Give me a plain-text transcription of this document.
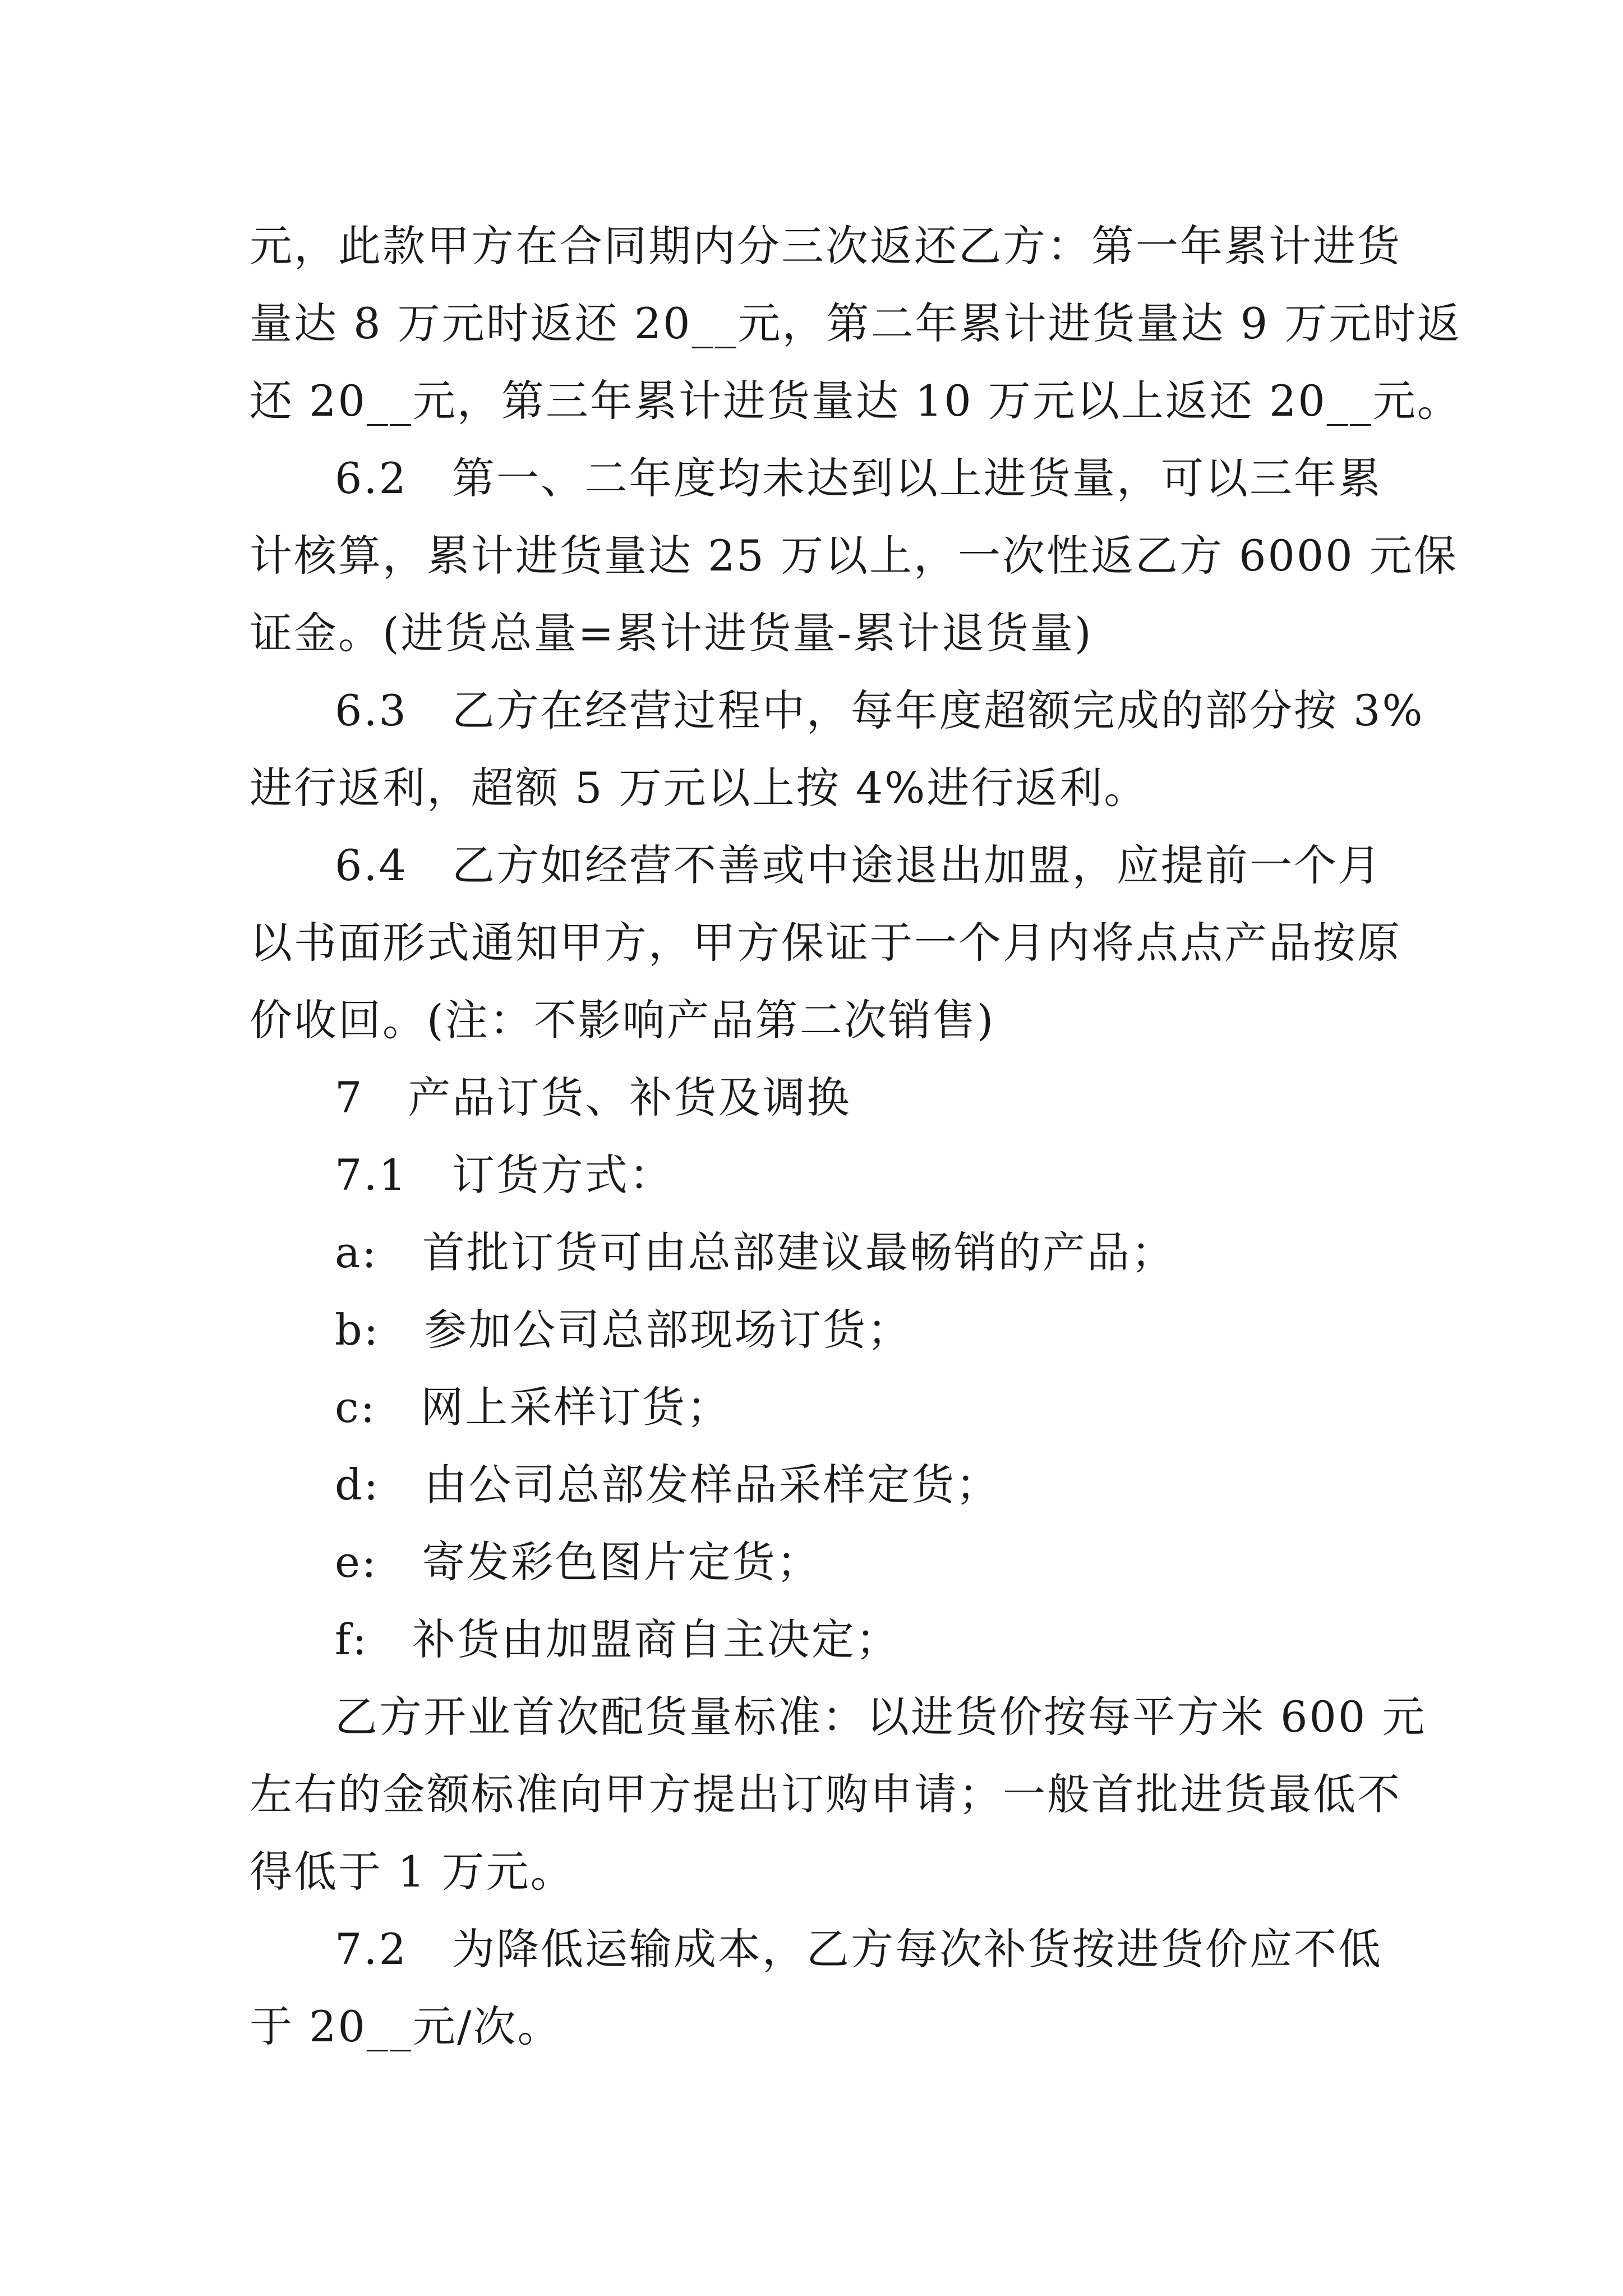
元，此款甲方在合同期内分三次返还乙方：第一年累计进货
量达 8 万元时返还 20__元，第二年累计进货量达 9 万元时返
还 20__元，第三年累计进货量达 10 万元以上返还 20__元。
6.2　第一、二年度均未达到以上进货量，可以三年累
计核算，累计进货量达 25 万以上，一次性返乙方 6000 元保
证金。(进货总量=累计进货量-累计退货量)
6.3　乙方在经营过程中，每年度超额完成的部分按 3%
进行返利，超额 5 万元以上按 4%进行返利。
6.4　乙方如经营不善或中途退出加盟，应提前一个月
以书面形式通知甲方，甲方保证于一个月内将点点产品按原
价收回。(注：不影响产品第二次销售)
7　产品订货、补货及调换
7.1　订货方式：
a:　首批订货可由总部建议最畅销的产品；
b:　参加公司总部现场订货；
c:　网上采样订货；
d:　由公司总部发样品采样定货；
e:　寄发彩色图片定货；
f:　补货由加盟商自主决定；
乙方开业首次配货量标准：以进货价按每平方米 600 元
左右的金额标准向甲方提出订购申请；一般首批进货最低不
得低于 1 万元。
7.2　为降低运输成本，乙方每次补货按进货价应不低
于 20__元/次。
